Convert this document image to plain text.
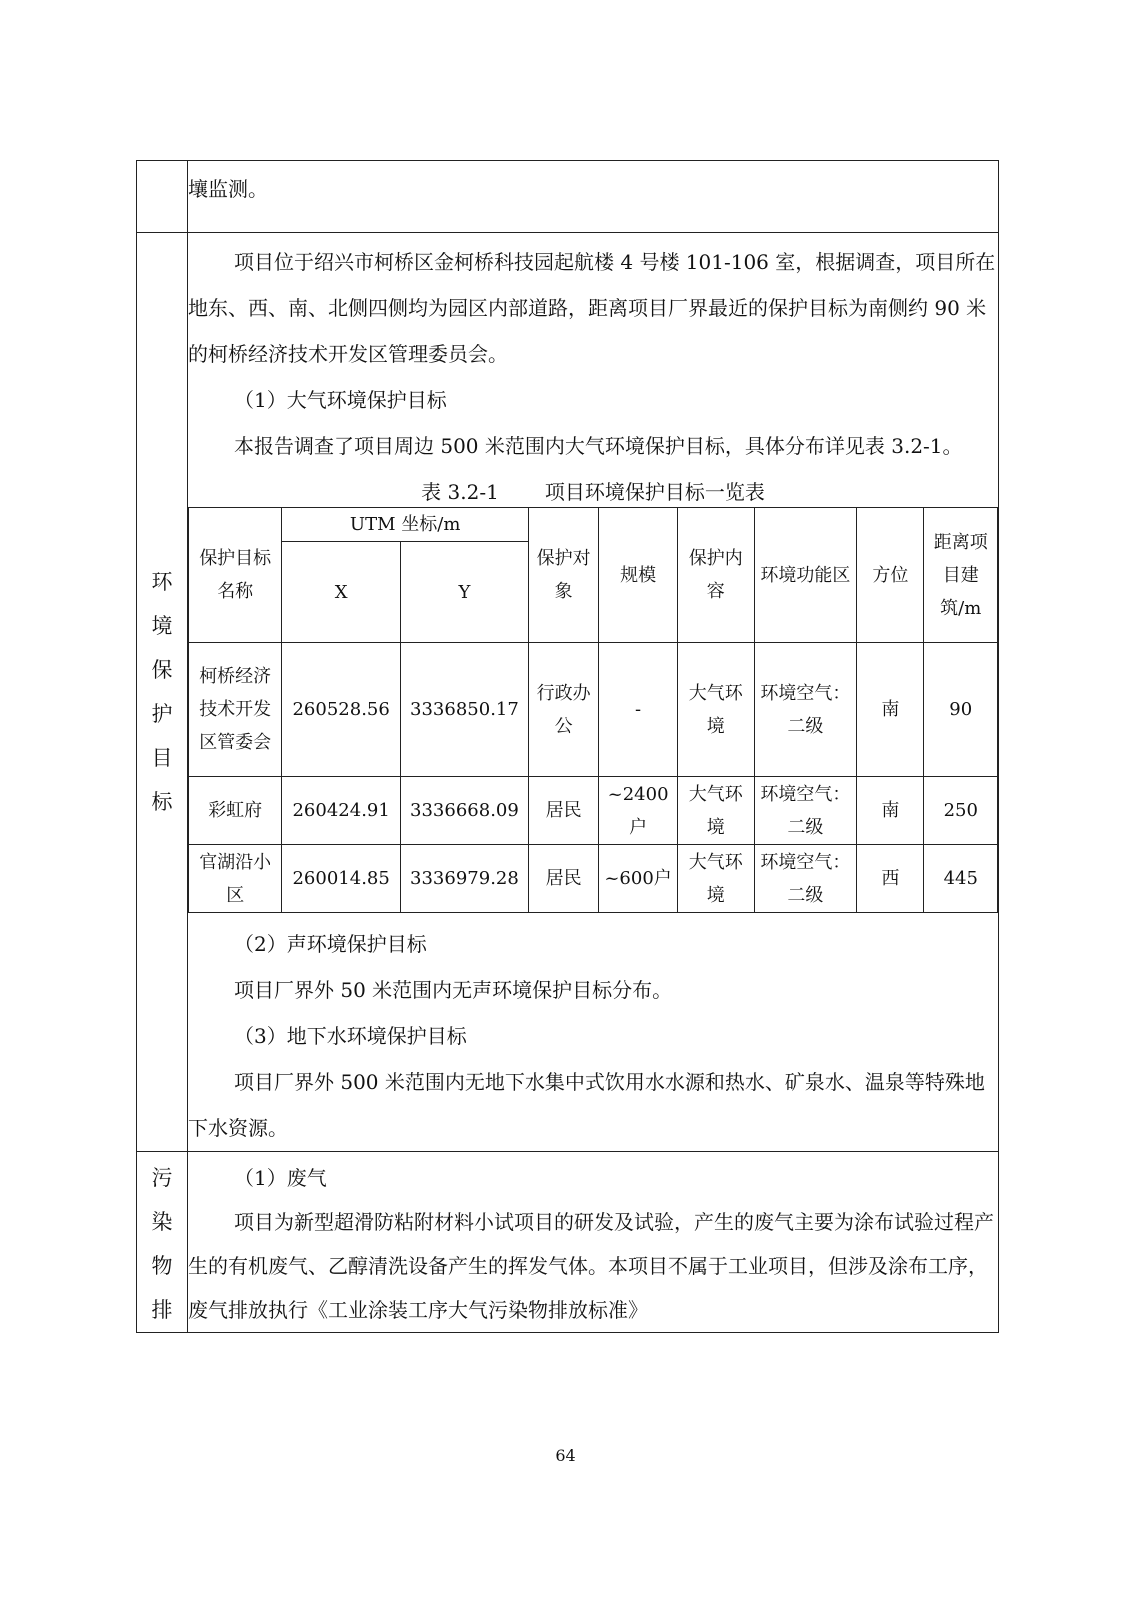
壤监测。

环境保护目标

项目位于绍兴市柯桥区金柯桥科技园起航楼 4 号楼 101-106 室，根据调查，项目所在地东、西、南、北侧四侧均为园区内部道路，距离项目厂界最近的保护目标为南侧约 90 米的柯桥经济技术开发区管理委员会。

（1）大气环境保护目标

本报告调查了项目周边 500 米范围内大气环境保护目标，具体分布详见表 3.2-1。

表 3.2-1 项目环境保护目标一览表
保护目标名称	UTM 坐标/m	保护对象	规模	保护内容	环境功能区	方位	距离项目建筑/m
X	Y
柯桥经济技术开发区管委会	260528.56	3336850.17	行政办公	-	大气环境	环境空气：二级	南	90
彩虹府	260424.91	3336668.09	居民	~2400户	大气环境	环境空气：二级	南	250
官湖沿小区	260014.85	3336979.28	居民	~600户	大气环境	环境空气：二级	西	445

（2）声环境保护目标

项目厂界外 50 米范围内无声环境保护目标分布。

（3）地下水环境保护目标

项目厂界外 500 米范围内无地下水集中式饮用水水源和热水、矿泉水、温泉等特殊地下水资源。

污染物排

（1）废气

项目为新型超滑防粘附材料小试项目的研发及试验，产生的废气主要为涂布试验过程产生的有机废气、乙醇清洗设备产生的挥发气体。本项目不属于工业项目，但涉及涂布工序，废气排放执行《工业涂装工序大气污染物排放标准》

64
